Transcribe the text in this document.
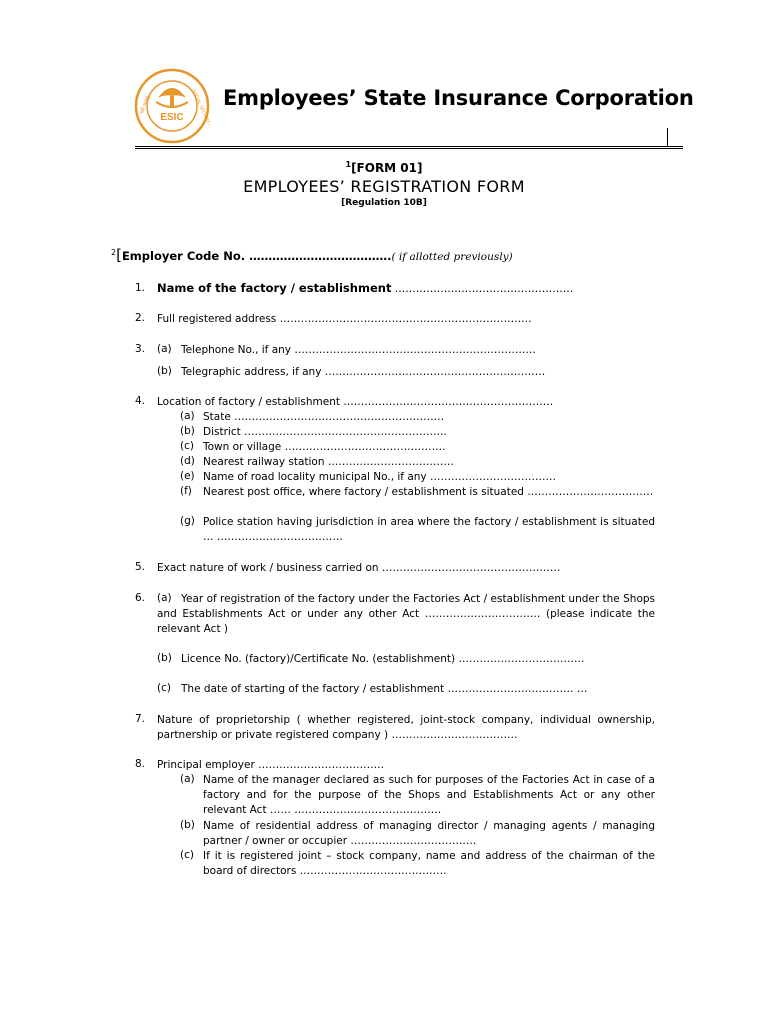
ESIC
सर्वे भवन्तु	SOCIAL SECURITY Employees’ State Insurance Corporation
$^1$[FORM 01]
EMPLOYEES’ REGISTRATION FORM
[Regulation 10B]
$^2$[Employer Code No. ……………………………….( if allotted previously)
1. Name of the factory / establishment ……………………………………………
2. Full registered address ………………………………………………………………
3. (a) Telephone No., if any ……………………………………………………………
(b) Telegraphic address, if any ………………………………………………………
4. Location of factory / establishment ……………………………………………………
(a) State ……………………………………………………
(b) District ………………………………………………….
(c) Town or village ……………………………………….
(d) Nearest railway station ………………………………
(e) Name of road locality municipal No., if any ………………………………
(f)	Nearest post office, where factory / establishment is situated ………………………………
(g) Police station having jurisdiction in area where the factory / establishment is situated … ………………………………
5. Exact nature of work / business carried on ……………………………………………
6. (a) Year of registration of the factory under the Factories Act / establishment under the Shops and Establishments Act or under any other Act …………………………… (please indicate the relevant Act )
(b) Licence No. (factory)/Certificate No. (establishment) ………………………………
(c) The date of starting of the factory / establishment ……………………………… …
7. Nature of proprietorship ( whether registered, joint-stock company, individual ownership, partnership or private registered company ) ………………………………
8. Principal employer ………………………………
(a) Name of the manager declared as such for purposes of the Factories Act in case of a factory and for the purpose of the Shops and Establishments Act or any other relevant Act …… ……………………………………
(b) Name of residential address of managing director / managing agents / managing partner / owner or occupier ………………………………
(c) If it is registered joint – stock company, name and address of the chairman of the board of directors ……………………………………
